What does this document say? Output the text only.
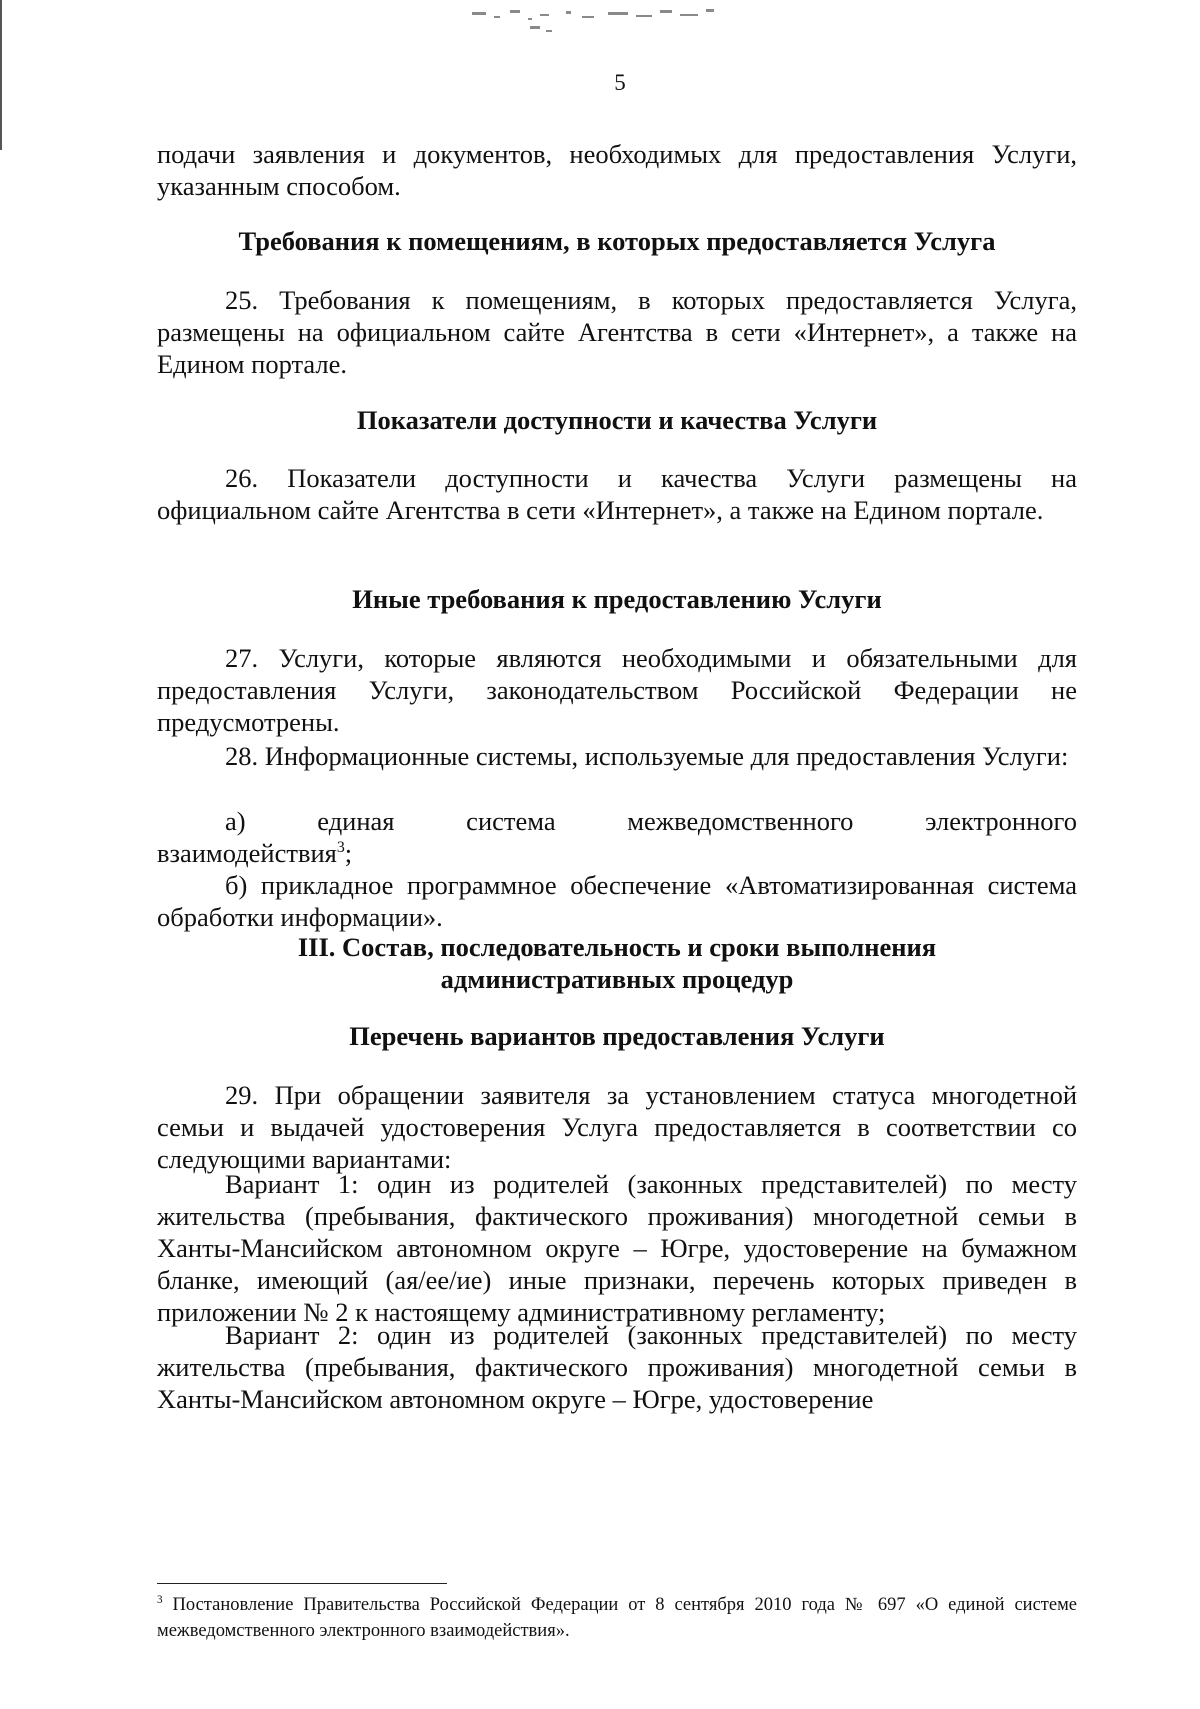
5
подачи заявления и документов, необходимых для предоставления Услуги, указанным способом.
Требования к помещениям, в которых предоставляется Услуга
25. Требования к помещениям, в которых предоставляется Услуга, размещены на официальном сайте Агентства в сети «Интернет», а также на Едином портале.
Показатели доступности и качества Услуги
26. Показатели доступности и качества Услуги размещены на официальном сайте Агентства в сети «Интернет», а также на Едином портале.
Иные требования к предоставлению Услуги
27. Услуги, которые являются необходимыми и обязательными для предоставления Услуги, законодательством Российской Федерации не предусмотрены.
28. Информационные системы, используемые для предоставления Услуги:
а) единая система межведомственного электронного
взаимодействия$^3$;
б) прикладное программное обеспечение «Автоматизированная система обработки информации».
III. Состав, последовательность и сроки выполнения
административных процедур
Перечень вариантов предоставления Услуги
29. При обращении заявителя за установлением статуса многодетной семьи и выдачей удостоверения Услуга предоставляется в соответствии со следующими вариантами:
Вариант 1: один из родителей (законных представителей) по месту жительства (пребывания, фактического проживания) многодетной семьи в Ханты-Мансийском автономном округе – Югре, удостоверение на бумажном бланке, имеющий (ая/ее/ие) иные признаки, перечень которых приведен в приложении № 2 к настоящему административному регламенту;
Вариант 2: один из родителей (законных представителей) по месту жительства (пребывания, фактического проживания) многодетной семьи в Ханты-Мансийском автономном округе – Югре, удостоверение
$^3$ Постановление Правительства Российской Федерации от 8 сентября 2010 года № 697 «О единой системе межведомственного электронного взаимодействия».
